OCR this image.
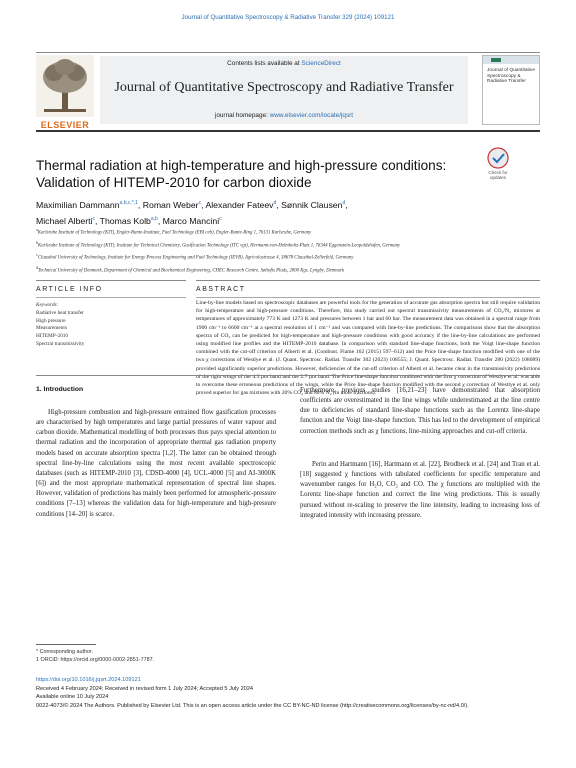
Journal of Quantitative Spectroscopy & Radiative Transfer 329 (2024) 109121
ELSEVIER
Contents lists available at ScienceDirect
Journal of Quantitative Spectroscopy and Radiative Transfer
journal homepage: www.elsevier.com/locate/jqsrt
Journal of Quantitative Spectroscopy & Radiative Transfer
Thermal radiation at high-temperature and high-pressure conditions:
Validation of HITEMP-2010 for carbon dioxide
Check for
updates
Maximilian Dammann$^{a,b,c,*,1}$, Roman Weber$^c$, Alexander Fateev$^d$, Sønnik Clausen$^d$,
Michael Alberti$^c$, Thomas Kolb$^{a,b}$, Marco Mancini$^c$
$^a$Karlsruhe Institute of Technology (KIT), Engler-Bunte-Institute, Fuel Technology (EBI ceb), Engler-Bunte-Ring 1, 76131 Karlsruhe, Germany
$^b$Karlsruhe Institute of Technology (KIT), Institute for Technical Chemistry, Gasification Technology (ITC vgt), Hermann-von-Helmholtz-Platz 1, 76344 Eggenstein-Leopoldshafen, Germany
$^c$Clausthal University of Technology, Institute for Energy Process Engineering and Fuel Technology (IEVB), Agricolastrasse 4, 38678 Clausthal-Zellerfeld, Germany
$^d$Technical University of Denmark, Department of Chemical and Biochemical Engineering, CHEC Research Centre, Søltofts Plads, 2800 Kgs. Lyngby, Denmark
ARTICLE INFO	ABSTRACT
Keywords:
Radiative heat transfer
High pressure
Measurements
HITEMP-2010
Spectral transmissivity
Line-by-line models based on spectroscopic databases are powerful tools for the generation of accurate gas absorption spectra but still require validation for high-temperature and high-pressure conditions. Therefore, this study carried out spectral transmissivity measurements of CO₂/N₂ mixtures at temperatures of approximately 773 K and 1273 K and pressures between 1 bar and 60 bar. The measurement data was obtained in a spectral range from 1900 cm⁻¹ to 6600 cm⁻¹ at a spectral resolution of 1 cm⁻¹ and was compared with line-by-line predictions. The comparisons show that the absorption spectra of CO₂ can be predicted for high-temperature and high-pressure conditions with good accuracy if the line-by-line calculations are performed using modified line profiles and the HITEMP-2010 database. In comparison with standard line-shape functions, both the Voigt line-shape function combined with the cut-off criterion of Alberti et al. (Combust. Flame 162 (2015) 597–612) and the Price line-shape function modified with one of the two χ corrections of Westlye et al. (J. Quant. Spectrosc. Radiat. Transfer 302 (2023) 108555; J. Quant. Spectrosc. Radiat. Transfer 280 (2022) 108089) provided significantly superior predictions. However, deficiencies of the cut-off criterion of Alberti et al. became clear in the transmissivity predictions of the right wings of the 4.3 μm band and the 2.7 μm band. The Price line-shape function combined with the first χ correction of Westlye et al. was able to overcome these erroneous predictions of the wings, while the Price line-shape function modified with the second χ correction of Westlye et al. only proved superior for gas mixtures with 20% CO₂ and 80% N₂ (in mole fractions).
1. Introduction
High-pressure combustion and high-pressure entrained flow gasification processes are characterised by high temperatures and large partial pressures of water vapour and carbon dioxide. Mathematical modelling of both processes thus pays special attention to thermal radiation and the incorporation of appropriate thermal gas radiation property models based on accurate absorption spectra [1,2]. The latter can be obtained through spectral line-by-line calculations using the most recent available spectroscopic databases (such as HITEMP-2010 [3], CDSD-4000 [4], UCL-4000 [5] and AI-3000K [6]) and the most appropriate mathematical representation of spectral line shapes. However, validation of predictions has mainly been performed for atmospheric-pressure conditions [7–13] whereas the validation data for high-temperature and high-pressure conditions [14–20] is scarce.
Furthermore, previous studies [16,21–23] have demonstrated that absorption coefficients are overestimated in the line wings while underestimated at the line centre due to deficiencies of standard line-shape functions such as the Lorentz line-shape function and the Voigt line-shape function. This has led to the development of empirical correction methods such as χ functions, line-mixing approaches and cut-off criteria.
Perin and Hartmann [16], Hartmann et al. [22], Brodbeck et al. [24] and Tran et al. [18] suggested χ functions with tabulated coefficients for specific temperature and wavenumber ranges for H₂O, CO₂ and CO. The χ functions are multiplied with the Lorentz line-shape function and correct the line wing predictions. This is usually pursued without re-scaling to preserve the line intensity, leading to increasing loss of integrated intensity with increasing pressure.
* Corresponding author.
1 ORCiD: https://orcid.org/0000-0002-2851-7787.
https://doi.org/10.1016/j.jqsrt.2024.109121
Received 4 February 2024; Received in revised form 1 July 2024; Accepted 5 July 2024
Available online 10 July 2024
0022-4073/© 2024 The Authors. Published by Elsevier Ltd. This is an open access article under the CC BY-NC-ND license (http://creativecommons.org/licenses/by-nc-nd/4.0/).
